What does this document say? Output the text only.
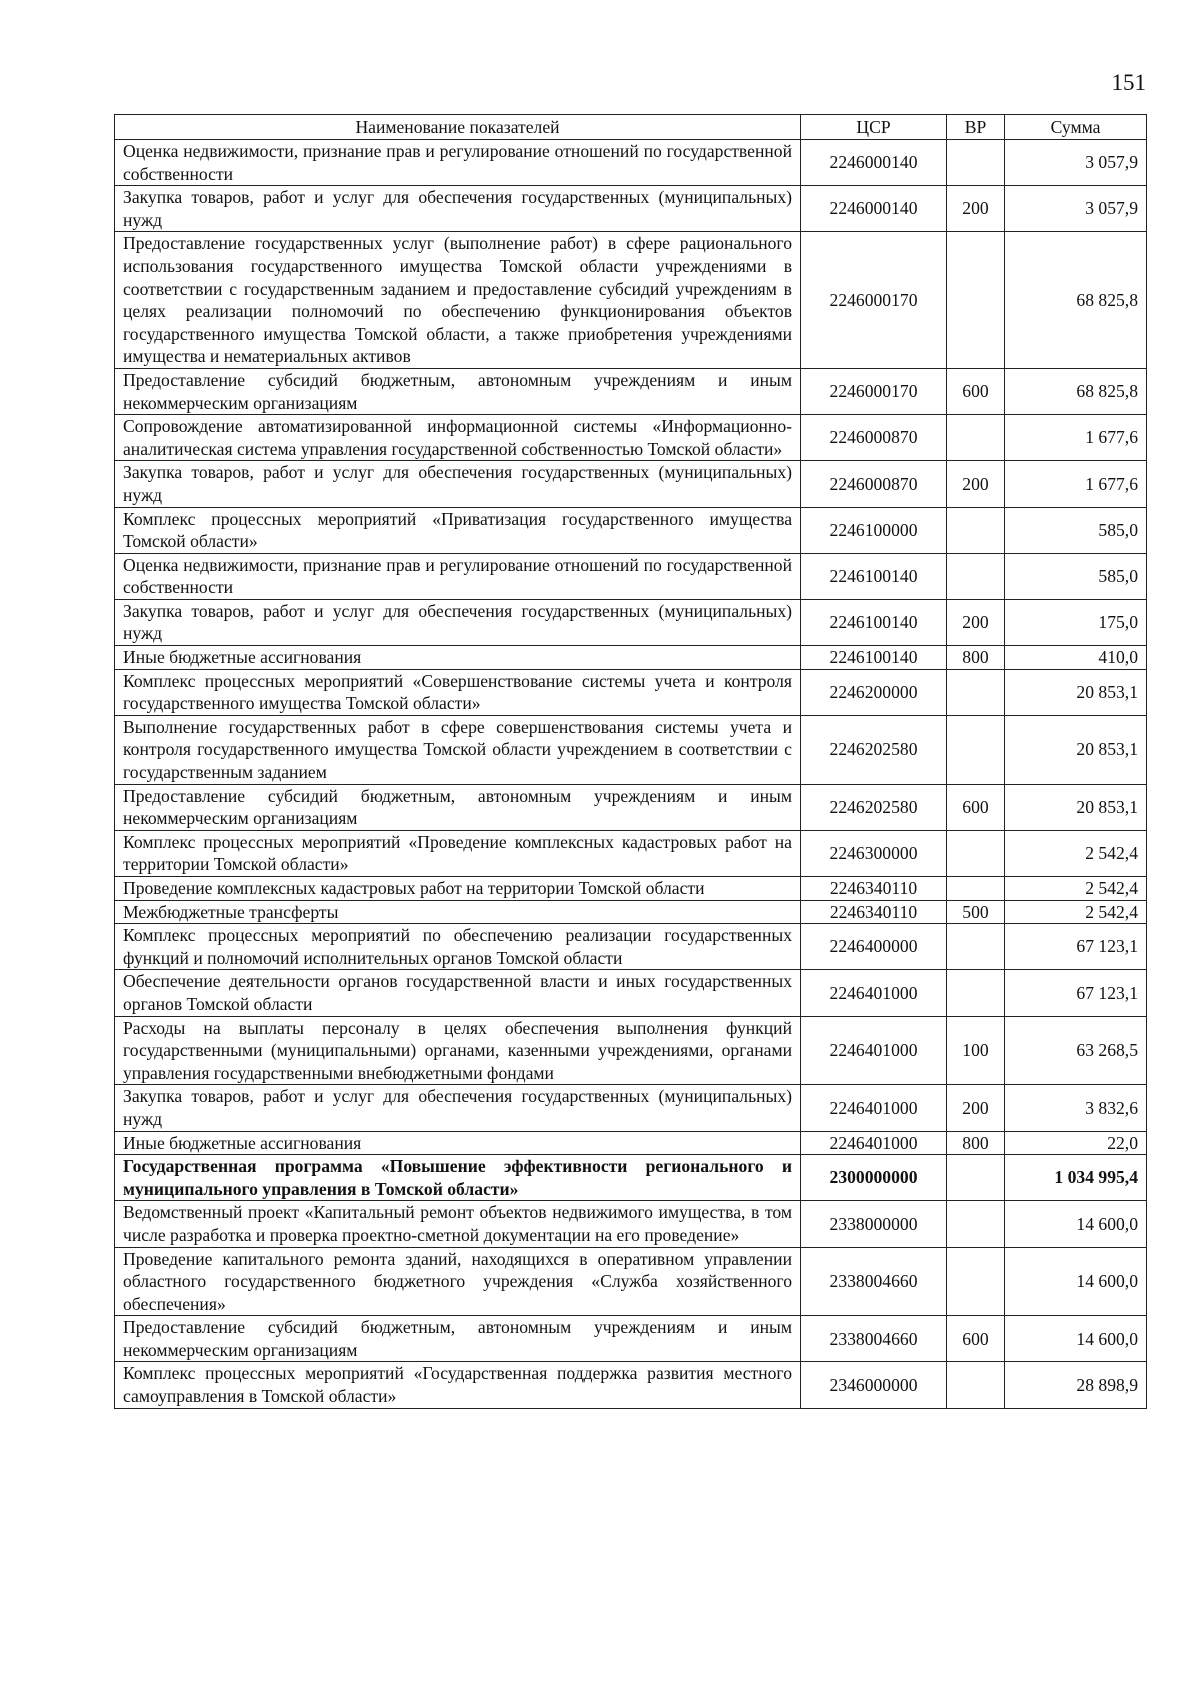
151
Наименование показателей	ЦСР	ВР	Сумма
Оценка недвижимости, признание прав и регулирование отношений по государственной собственности	2246000140		3 057,9
Закупка товаров, работ и услуг для обеспечения государственных (муниципальных) нужд	2246000140	200	3 057,9
Предоставление государственных услуг (выполнение работ) в сфере рационального использования государственного имущества Томской области учреждениями в соответствии с государственным заданием и предоставление субсидий учреждениям в целях реализации полномочий по обеспечению функционирования объектов государственного имущества Томской области, а также приобретения учреждениями имущества и нематериальных активов	2246000170		68 825,8
Предоставление субсидий бюджетным, автономным учреждениям и иным некоммерческим организациям	2246000170	600	68 825,8
Сопровождение автоматизированной информационной системы «Информационно-аналитическая система управления государственной собственностью Томской области»	2246000870		1 677,6
Закупка товаров, работ и услуг для обеспечения государственных (муниципальных) нужд	2246000870	200	1 677,6
Комплекс процессных мероприятий «Приватизация государственного имущества Томской области»	2246100000		585,0
Оценка недвижимости, признание прав и регулирование отношений по государственной собственности	2246100140		585,0
Закупка товаров, работ и услуг для обеспечения государственных (муниципальных) нужд	2246100140	200	175,0
Иные бюджетные ассигнования	2246100140	800	410,0
Комплекс процессных мероприятий «Совершенствование системы учета и контроля государственного имущества Томской области»	2246200000		20 853,1
Выполнение государственных работ в сфере совершенствования системы учета и контроля государственного имущества Томской области учреждением в соответствии с государственным заданием	2246202580		20 853,1
Предоставление субсидий бюджетным, автономным учреждениям и иным некоммерческим организациям	2246202580	600	20 853,1
Комплекс процессных мероприятий «Проведение комплексных кадастровых работ на территории Томской области»	2246300000		2 542,4
Проведение комплексных кадастровых работ на территории Томской области	2246340110		2 542,4
Межбюджетные трансферты	2246340110	500	2 542,4
Комплекс процессных мероприятий по обеспечению реализации государственных функций и полномочий исполнительных органов Томской области	2246400000		67 123,1
Обеспечение деятельности органов государственной власти и иных государственных органов Томской области	2246401000		67 123,1
Расходы на выплаты персоналу в целях обеспечения выполнения функций государственными (муниципальными) органами, казенными учреждениями, органами управления государственными внебюджетными фондами	2246401000	100	63 268,5
Закупка товаров, работ и услуг для обеспечения государственных (муниципальных) нужд	2246401000	200	3 832,6
Иные бюджетные ассигнования	2246401000	800	22,0
Государственная программа «Повышение эффективности регионального и муниципального управления в Томской области»	2300000000		1 034 995,4
Ведомственный проект «Капитальный ремонт объектов недвижимого имущества, в том числе разработка и проверка проектно-сметной документации на его проведение»	2338000000		14 600,0
Проведение капитального ремонта зданий, находящихся в оперативном управлении областного государственного бюджетного учреждения «Служба хозяйственного обеспечения»	2338004660		14 600,0
Предоставление субсидий бюджетным, автономным учреждениям и иным некоммерческим организациям	2338004660	600	14 600,0
Комплекс процессных мероприятий «Государственная поддержка развития местного самоуправления в Томской области»	2346000000		28 898,9
